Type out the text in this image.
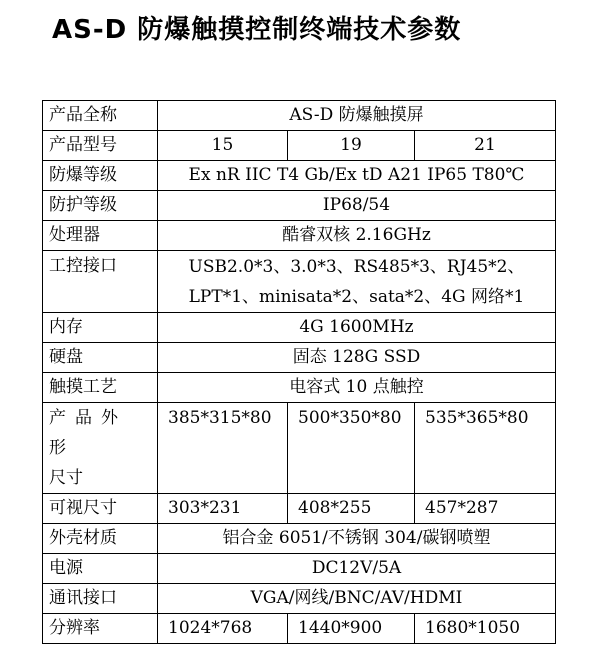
AS-D 防爆触摸控制终端技术参数
产品全称	AS-D 防爆触摸屏		
产品型号	15	19	21
防爆等级	Ex nR IIC T4 Gb/Ex tD A21 IP65 T80℃		
防护等级	IP68/54		
处理器	酷睿双核 2.16GHz		
工控接口	USB2.0*3、3.0*3、RS485*3、RJ45*2、
LPT*1、minisata*2、sata*2、4G 网络*1		

内存	4G 1600MHz		
硬盘	固态 128G SSD		
触摸工艺	电容式 10 点触控		

产品外形
尺寸	385*315*80	500*350*80	535*365*80
可视尺寸	303*231	408*255	457*287
外壳材质	铝合金 6051/不锈钢 304/碳钢喷塑		
电源	DC12V/5A		
通讯接口	VGA/网线/BNC/AV/HDMI		
分辨率	1024*768	1440*900	1680*1050
